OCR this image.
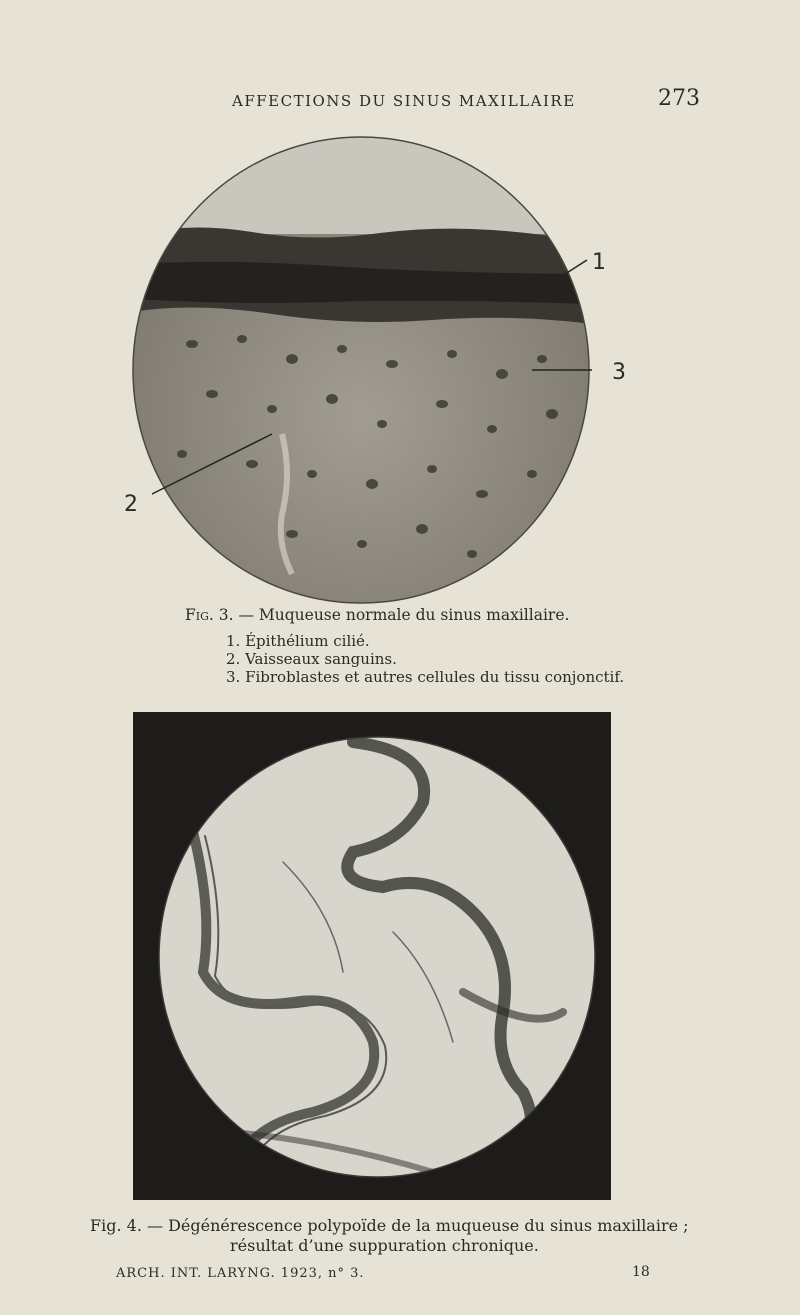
AFFECTIONS DU SINUS MAXILLAIRE	273
1
2
3
Fig. 3. — Muqueuse normale du sinus maxillaire.
1. Épithélium cilié.
2. Vaisseaux sanguins.
3. Fibroblastes et autres cellules du tissu conjonctif.
Fig. 4. — Dégénérescence polypoïde de la muqueuse du sinus maxillaire ;
résultat d’une suppuration chronique.
ARCH. INT. LARYNG. 1923, n° 3.	18
